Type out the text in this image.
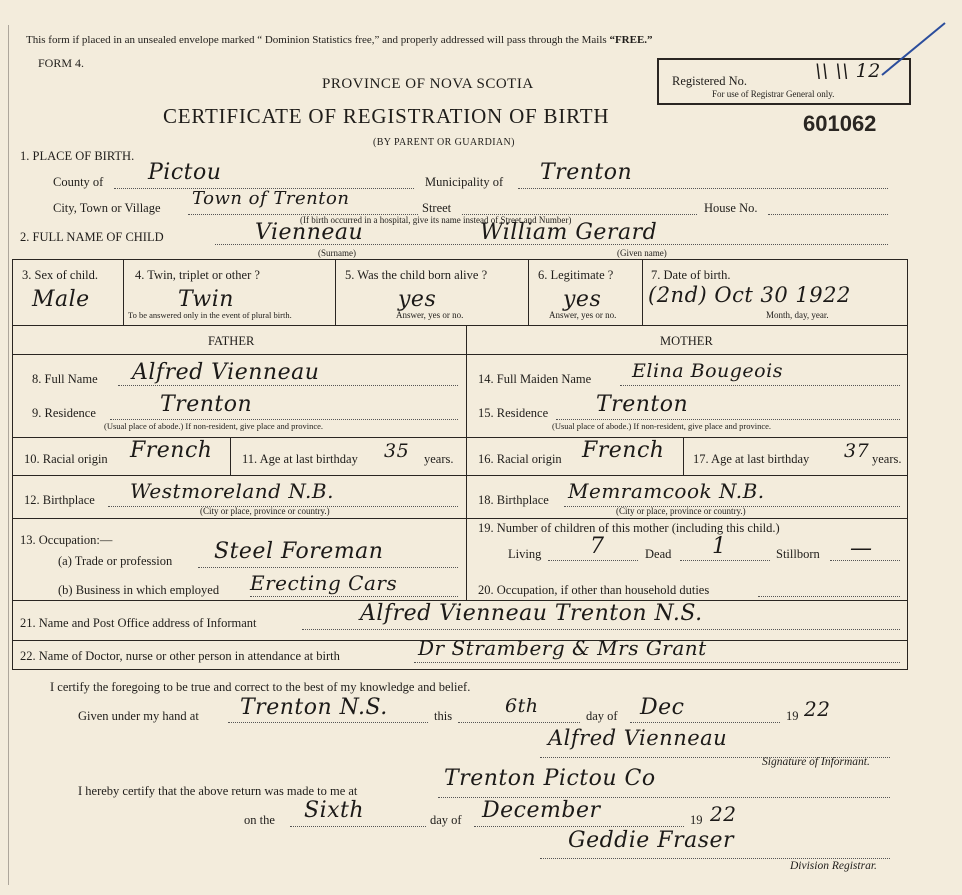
This form if placed in an unsealed envelope marked “ Dominion Statistics free,” and properly addressed will pass through the Mails “FREE.”
FORM 4.
Registered No.	\\ \\ 12
For use of Registrar General only.
PROVINCE OF NOVA SCOTIA
CERTIFICATE OF REGISTRATION OF BIRTH
(BY PARENT OR GUARDIAN)
601062
1. PLACE OF BIRTH.
County of Pictou	Municipality of Trenton
City, Town or Village Town of Trenton	Street	House No.
(If birth occurred in a hospital, give its name instead of Street and Number)
2. FULL NAME OF CHILD	Vienneau	William Gerard
(Surname)	(Given name)
3. Sex of child.
Male
4. Twin, triplet or other ?
Twin
To be answered only in the event of plural birth.
5. Was the child born alive ?
yes
Answer, yes or no.
6. Legitimate ?
yes
Answer, yes or no.
7. Date of birth.
(2nd) Oct 30 1922
Month, day, year.
FATHER	MOTHER
8. Full Name Alfred Vienneau
9. Residence	Trenton
(Usual place of abode.) If non-resident, give place and province.
10. Racial origin French 11. Age at last birthday 35 years.
12. Birthplace Westmoreland N.B.
(City or place, province or country.)
13. Occupation:—
(a) Trade or profession Steel Foreman
(b) Business in which employed Erecting Cars
14. Full Maiden Name Elina Bougeois
15. Residence Trenton
(Usual place of abode.) If non-resident, give place and province.
16. Racial origin French 17. Age at last birthday 37 years.
18. Birthplace Memramcook N.B.
(City or place, province or country.)
19. Number of children of this mother (including this child.)
Living 7	Dead 1	Stillborn —
20. Occupation, if other than household duties
21. Name and Post Office address of Informant	Alfred Vienneau Trenton N.S.
22. Name of Doctor, nurse or other person in attendance at birth	Dr Stramberg & Mrs Grant
I certify the foregoing to be true and correct to the best of my knowledge and belief.
Given under my hand at Trenton N.S.	this	6th	day of Dec	19 22
Alfred Vienneau
Signature of Informant.
I hereby certify that the above return was made to me at	Trenton Pictou Co
on the Sixth	day of December	19 22
Geddie Fraser
Division Registrar.
